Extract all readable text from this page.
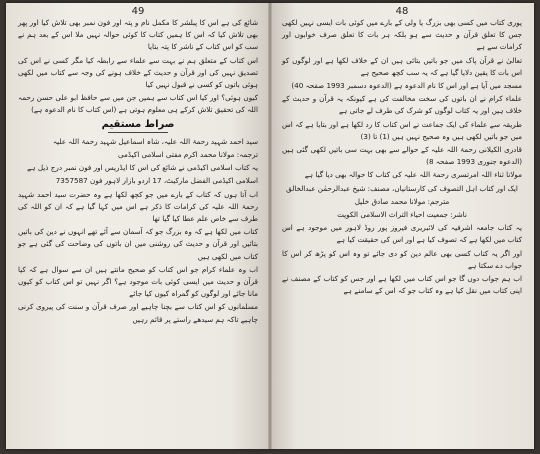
49

شائع کی ہے اس کا پبلشر کا مکمل نام و پتہ اور فون نمبر بھی تلاش کیا اور پھر بھی تلاش کیا کہ اس کا ہمیں کتاب کا کوئی حوالہ نہیں ملا اس کے بعد ہم نے سب کو اس کتاب کے ناشر کا پتہ بتایا

اس کتاب کے متعلق ہم نے بہت سے علماء سے رابطہ کیا مگر کسی نے اس کی تصدیق نہیں کی اور قرآن و حدیث کے خلاف ہونے کی وجہ سے کتاب میں لکھی ہوئی باتوں کو کسی نے قبول نہیں کیا

کیوں ہوئی؟ اور کیا اس کتاب سے ہمیں جن میں سے حافظ ابو علی حسن رحمہ اللہ کی تحقیق تلاش کرکے ہی معلوم ہوتی ہے (اس کتاب کا نام الدعوہ ہے)

صراط مستقیم

سید احمد شہید رحمۃ اللہ علیہ، شاہ اسماعیل شہید رحمۃ اللہ علیہ

ترجمہ: مولانا محمد اکرم مفتی اسلامی اکیڈمی

یہ کتاب اسلامی اکیڈمی نے شائع کی اس کا ایڈریس اور فون نمبر درج ذیل ہے

اسلامی اکیڈمی الفضل مارکیٹ، 17 اردو بازار لاہور فون 7357587

اب آتا ہوں کہ کتاب کے بارے میں جو کچھ لکھا ہے وہ حضرت سید احمد شہید رحمۃ اللہ علیہ کی کرامات کا ذکر ہے اس میں کہا گیا ہے کہ ان کو اللہ کی طرف سے خاص علم عطا کیا گیا تھا

کتاب میں لکھا ہے کہ وہ بزرگ جو کہ آسمان سے آئے تھے انہوں نے دین کی باتیں بتائیں اور قرآن و حدیث کی روشنی میں ان باتوں کی وضاحت کی گئی ہے جو کتاب میں لکھی ہیں

اب وہ علماء کرام جو اس کتاب کو صحیح مانتے ہیں ان سے سوال ہے کہ کیا قرآن و حدیث میں ایسی کوئی بات موجود ہے؟ اگر نہیں تو اس کتاب کو کیوں مانا جائے اور لوگوں کو گمراہ کیوں کیا جائے

مسلمانوں کو اس کتاب سے بچنا چاہیے اور صرف قرآن و سنت کی پیروی کرنی چاہیے تاکہ ہم سیدھے راستے پر قائم رہیں

48

پوری کتاب میں کسی بھی بزرگ یا ولی کے بارے میں کوئی بات ایسی نہیں لکھی جس کا تعلق قرآن و حدیث سے ہو بلکہ ہر بات کا تعلق صرف خوابوں اور کرامات سے ہے

تعالیٰ نے قرآن پاک میں جو باتیں بتائی ہیں ان کے خلاف لکھا ہے اور لوگوں کو اس بات کا یقین دلایا گیا ہے کہ یہ سب کچھ صحیح ہے

مسجد میں آیا ہے اور اس کا نام الدعوہ ہے (الدعوہ دسمبر 1993 صفحہ 40)

علماء کرام نے ان باتوں کی سخت مخالفت کی ہے کیونکہ یہ قرآن و حدیث کے خلاف ہیں اور یہ کتاب لوگوں کو شرک کی طرف لے جاتی ہے

طریقہ سے علماء کی ایک جماعت نے اس کتاب کا رد لکھا ہے اور بتایا ہے کہ اس میں جو باتیں لکھی ہیں وہ صحیح نہیں ہیں (1) تا (3)

قادری الکیلانی رحمۃ اللہ علیہ کے حوالے سے بھی بہت سی باتیں لکھی گئی ہیں (الدعوہ جنوری 1993 صفحہ 8)

مولانا ثناء اللہ امرتسری رحمۃ اللہ علیہ کی کتاب کا حوالہ بھی دیا گیا ہے

ایک اور کتاب اہل التصوف کی کارستانیاں، مصنف: شیخ عبدالرحمٰن عبدالخالق

مترجم: مولانا محمد صادق خلیل

ناشر: جمعیت احیاء التراث الاسلامی الکویت

یہ کتاب جامعہ اشرفیہ کی لائبریری فیروز پور روڈ لاہور میں موجود ہے اس کتاب میں لکھا ہے کہ تصوف کیا ہے اور اس کی حقیقت کیا ہے

اور اگر یہ کتاب کسی بھی عالم دین کو دی جائے تو وہ اس کو پڑھ کر اس کا جواب دے سکتا ہے

اب ہم جواب دوں گا جو اس کتاب میں لکھا ہے اور جس کو کتاب کے مصنف نے اپنی کتاب میں نقل کیا ہے وہ کتاب جو کہ اس کے سامنے ہے
